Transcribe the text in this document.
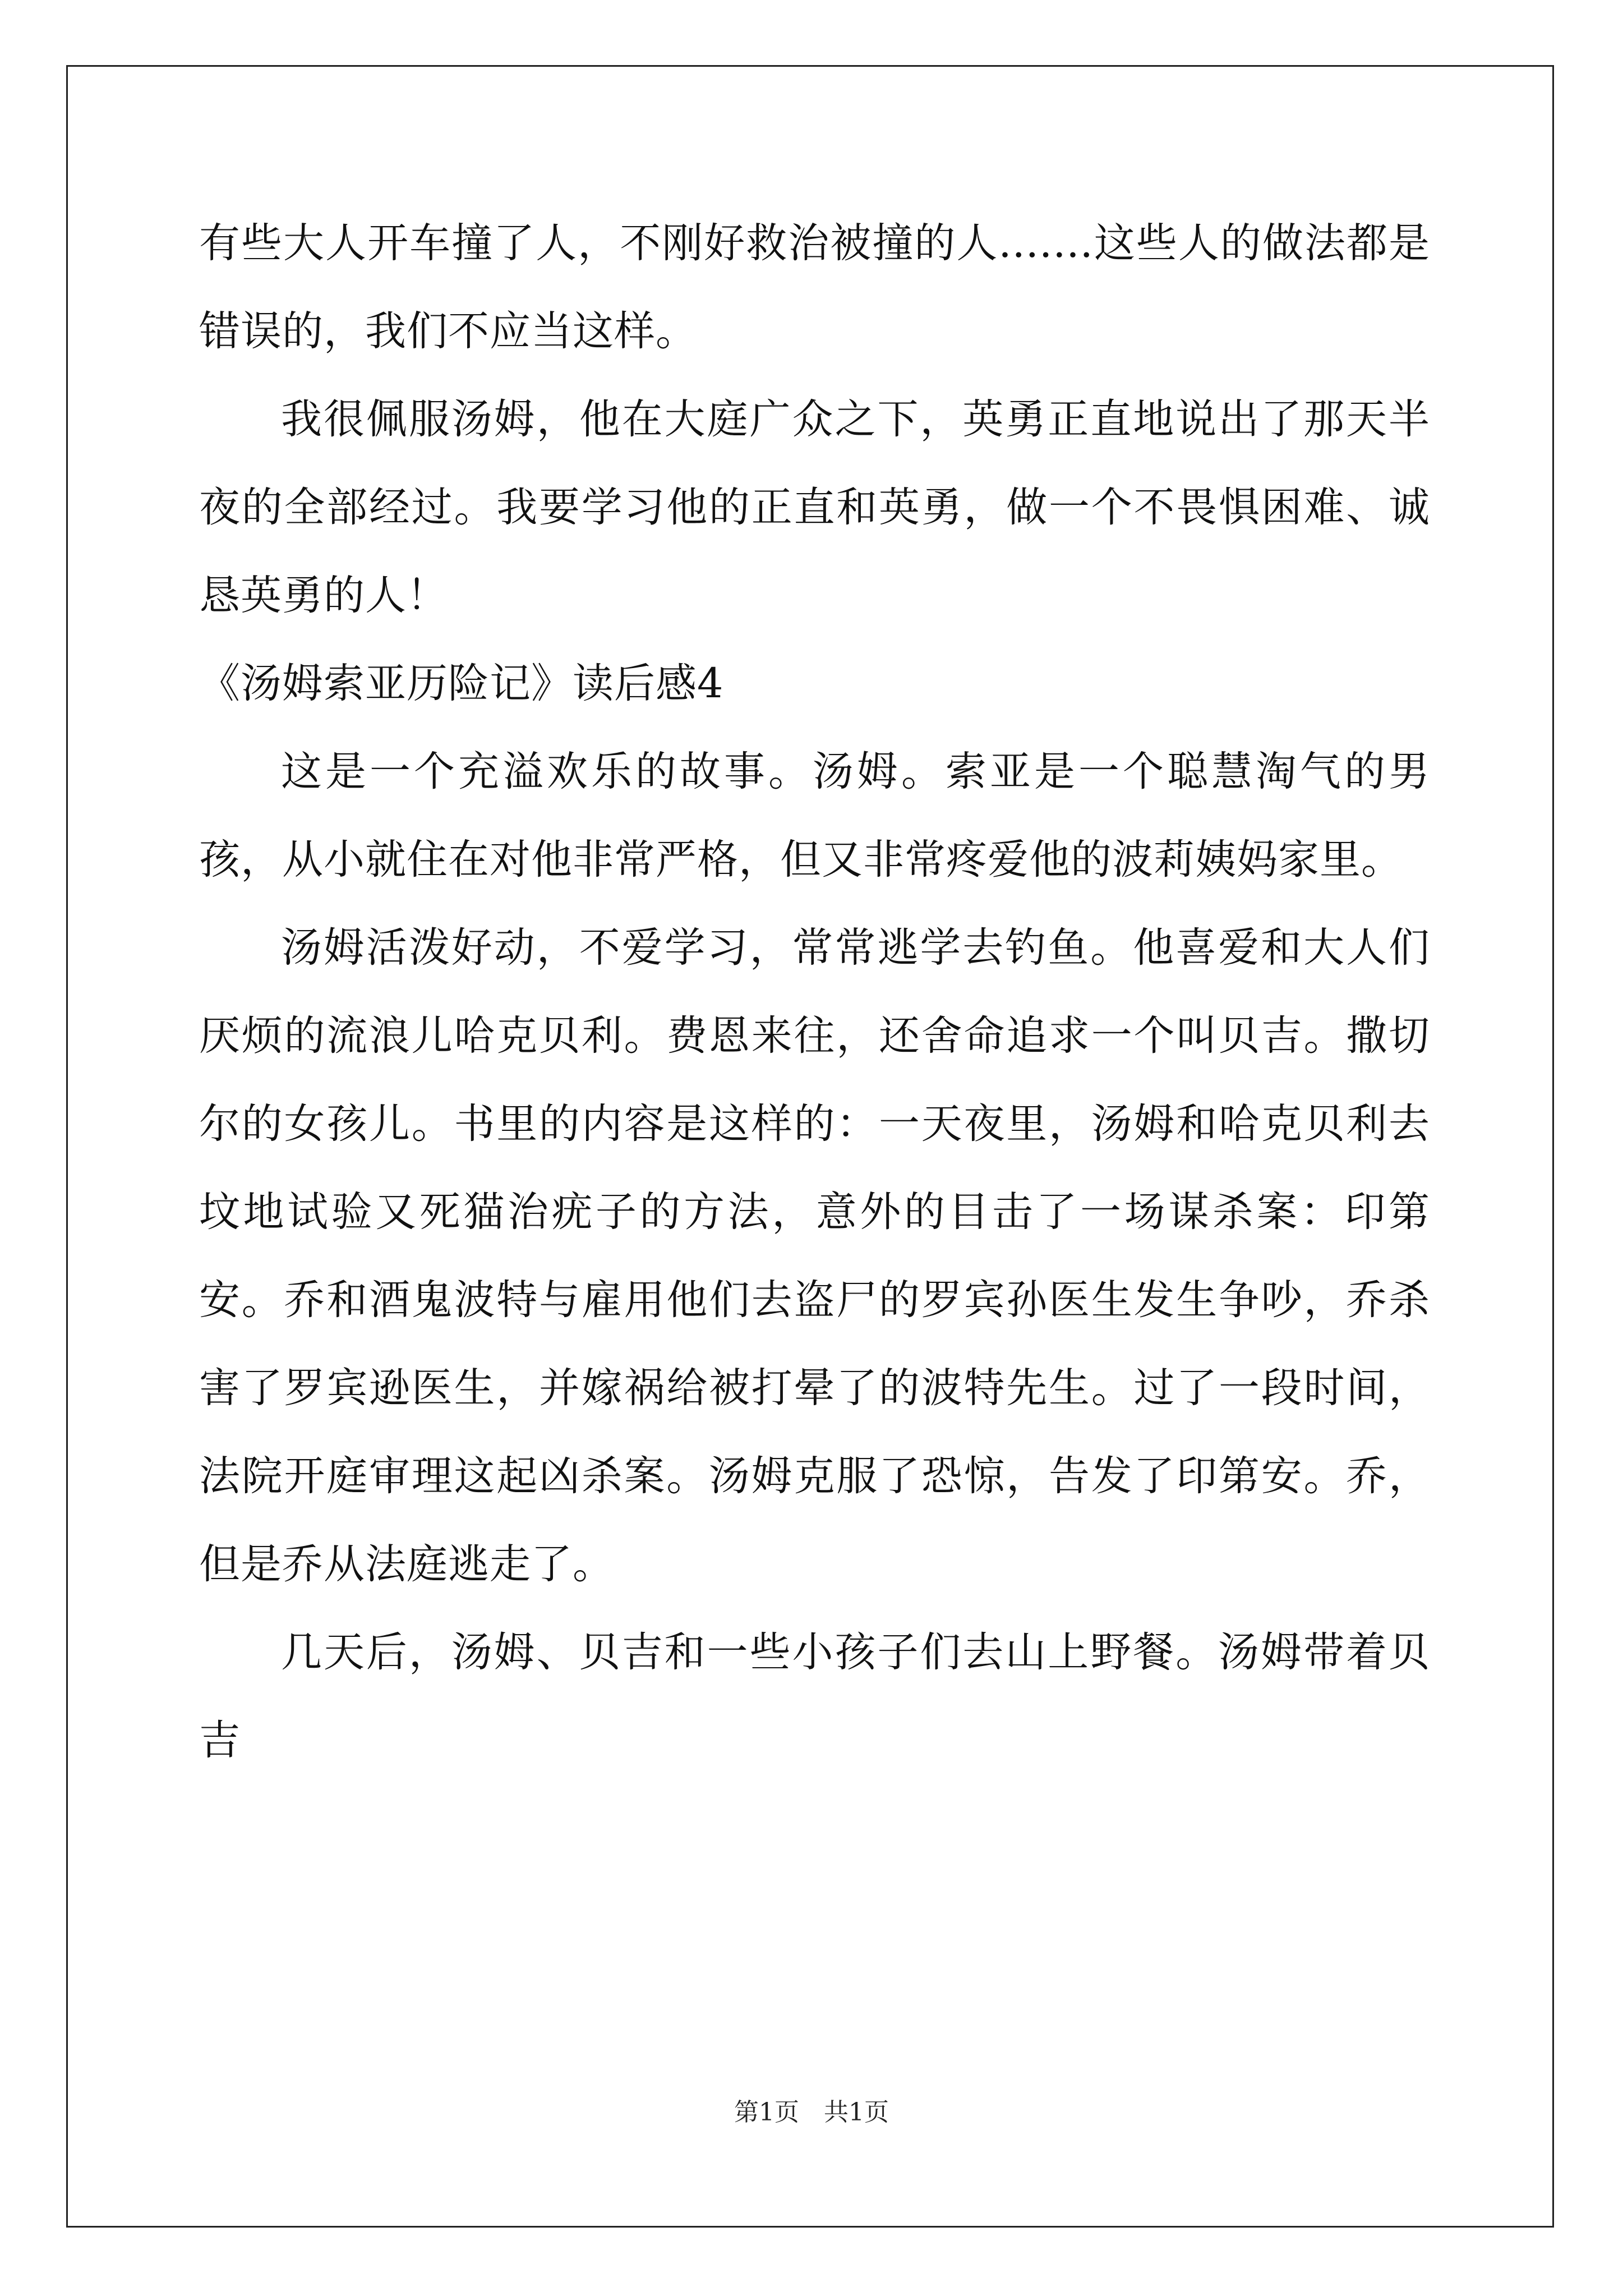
有些大人开车撞了人，不刚好救治被撞的人.......这些人的做法都是错误的，我们不应当这样。

我很佩服汤姆，他在大庭广众之下，英勇正直地说出了那天半夜的全部经过。我要学习他的正直和英勇，做一个不畏惧困难、诚恳英勇的人！

《汤姆索亚历险记》读后感4

这是一个充溢欢乐的故事。汤姆。索亚是一个聪慧淘气的男孩，从小就住在对他非常严格，但又非常疼爱他的波莉姨妈家里。

汤姆活泼好动，不爱学习，常常逃学去钓鱼。他喜爱和大人们厌烦的流浪儿哈克贝利。费恩来往，还舍命追求一个叫贝吉。撒切尔的女孩儿。书里的内容是这样的：一天夜里，汤姆和哈克贝利去坟地试验又死猫治疣子的方法，意外的目击了一场谋杀案：印第安。乔和酒鬼波特与雇用他们去盗尸的罗宾孙医生发生争吵，乔杀害了罗宾逊医生，并嫁祸给被打晕了的波特先生。过了一段时间，法院开庭审理这起凶杀案。汤姆克服了恐惊，告发了印第安。乔，但是乔从法庭逃走了。

几天后，汤姆、贝吉和一些小孩子们去山上野餐。汤姆带着贝吉

第1页　共1页
